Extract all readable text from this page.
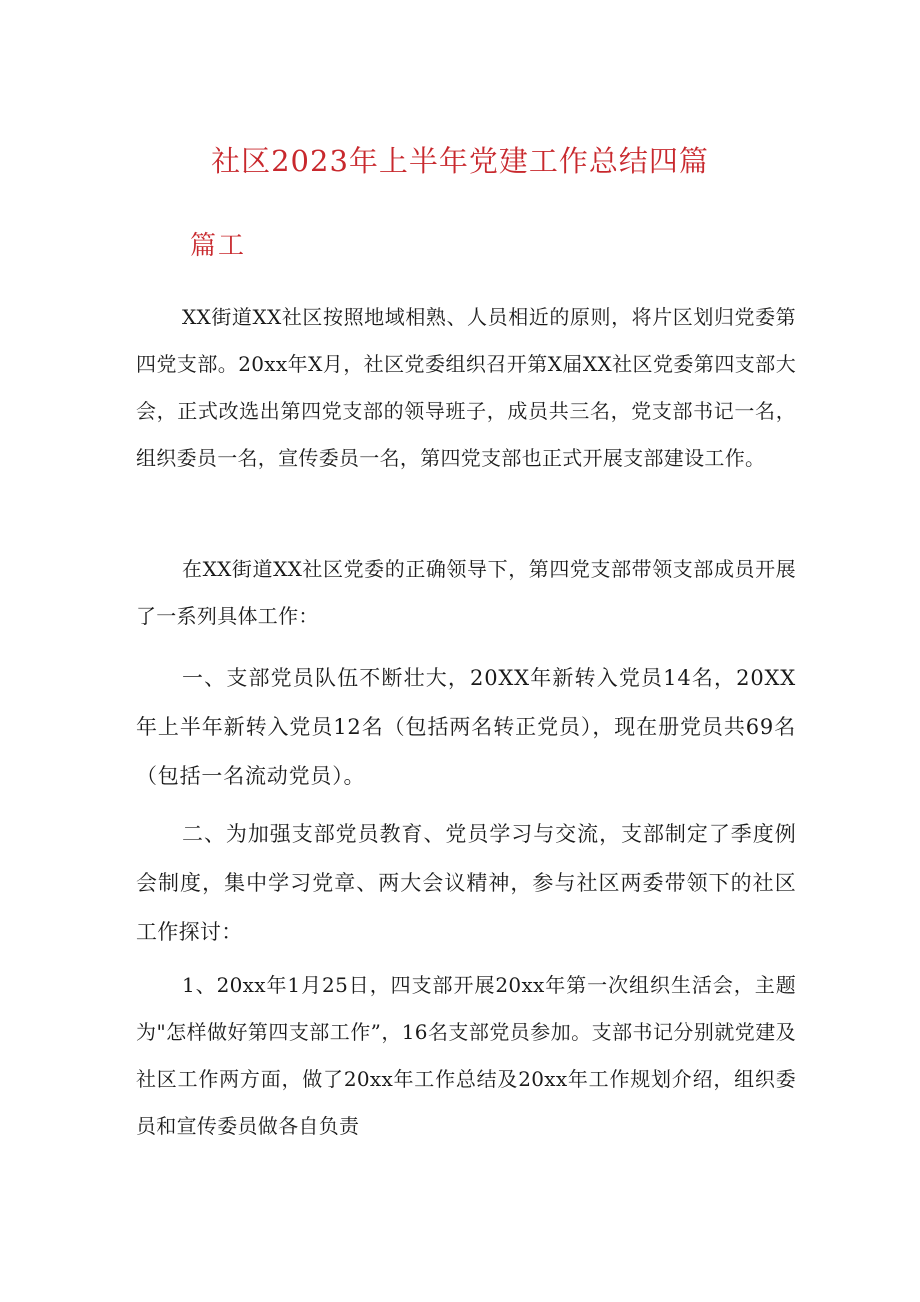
社区2023年上半年党建工作总结四篇
篇工

XX街道XX社区按照地域相熟、人员相近的原则，将片区划归党委第四党支部。20xx年X月，社区党委组织召开第X届XX社区党委第四支部大会，正式改选出第四党支部的领导班子，成员共三名，党支部书记一名，组织委员一名，宣传委员一名，第四党支部也正式开展支部建设工作。

在XX街道XX社区党委的正确领导下，第四党支部带领支部成员开展了一系列具体工作：

一、支部党员队伍不断壮大，20XX年新转入党员14名，20XX年上半年新转入党员12名（包括两名转正党员），现在册党员共69名（包括一名流动党员）。

二、为加强支部党员教育、党员学习与交流，支部制定了季度例会制度，集中学习党章、两大会议精神，参与社区两委带领下的社区工作探讨：

1、20xx年1月25日，四支部开展20xx年第一次组织生活会，主题为"怎样做好第四支部工作”，16名支部党员参加。支部书记分别就党建及社区工作两方面，做了20xx年工作总结及20xx年工作规划介绍，组织委员和宣传委员做各自负责
